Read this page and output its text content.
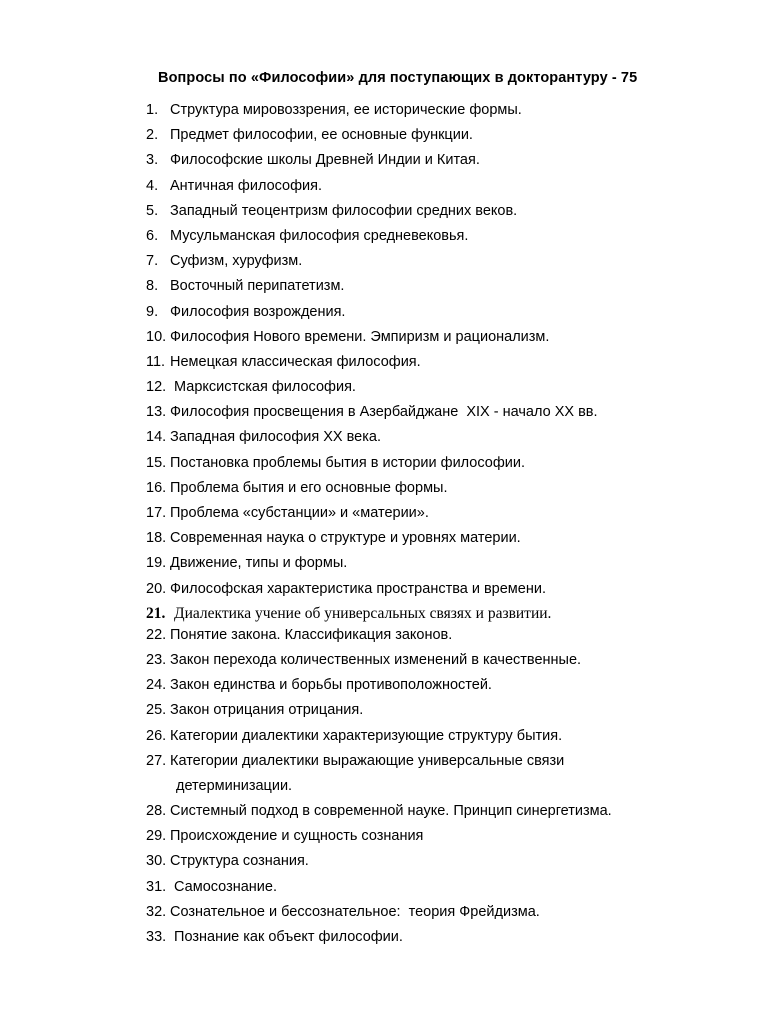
Вопросы по «Философии» для поступающих в докторантуру - 75
1. Структура мировоззрения, ее исторические формы.
2. Предмет философии, ее основные функции.
3. Философские школы Древней Индии и Китая.
4. Античная философия.
5. Западный теоцентризм философии средних веков.
6. Мусульманская философия средневековья.
7. Суфизм, хуруфизм.
8. Восточный перипатетизм.
9. Философия возрождения.
10. Философия Нового времени. Эмпиризм и рационализм.
11. Немецкая классическая философия.
12. Марксистская философия.
13. Философия просвещения в Азербайджане  XIX - начало XX вв.
14. Западная философия XX века.
15. Постановка проблемы бытия в истории философии.
16. Проблема бытия и его основные формы.
17. Проблема «субстанции» и «материи».
18. Современная наука о структуре и уровнях материи.
19. Движение, типы и формы.
20. Философская характеристика пространства и времени.
21. Диалектика учение об универсальных связях и развитии.
22. Понятие закона. Классификация законов.
23. Закон перехода количественных изменений в качественные.
24. Закон единства и борьбы противоположностей.
25. Закон отрицания отрицания.
26. Категории диалектики характеризующие структуру бытия.
27. Категории диалектики выражающие универсальные связи
детерминизации.
28. Системный подход в современной науке. Принцип синергетизма.
29. Происхождение и сущность сознания
30. Структура сознания.
31. Самосознание.
32. Сознательное и бессознательное:  теория Фрейдизма.
33. Познание как объект философии.
